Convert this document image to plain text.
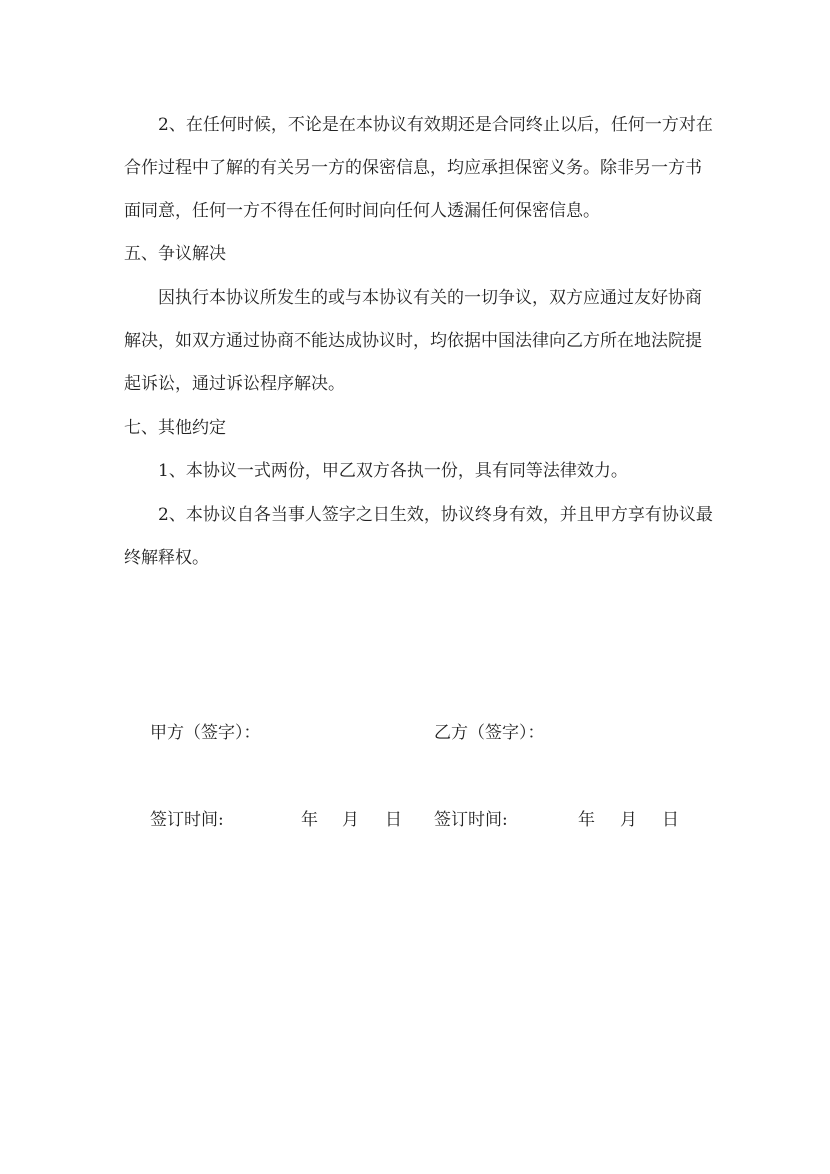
2、在任何时候，不论是在本协议有效期还是合同终止以后，任何一方对在
合作过程中了解的有关另一方的保密信息，均应承担保密义务。除非另一方书
面同意，任何一方不得在任何时间向任何人透漏任何保密信息。
五、争议解决
因执行本协议所发生的或与本协议有关的一切争议，双方应通过友好协商
解决，如双方通过协商不能达成协议时，均依据中国法律向乙方所在地法院提
起诉讼，通过诉讼程序解决。
七、其他约定
1、本协议一式两份，甲乙双方各执一份，具有同等法律效力。
2、本协议自各当事人签字之日生效，协议终身有效，并且甲方享有协议最
终解释权。
甲方（签字）：	乙方（签字）：
签订时间:	年 月 日 签订时间:	年 月 日
